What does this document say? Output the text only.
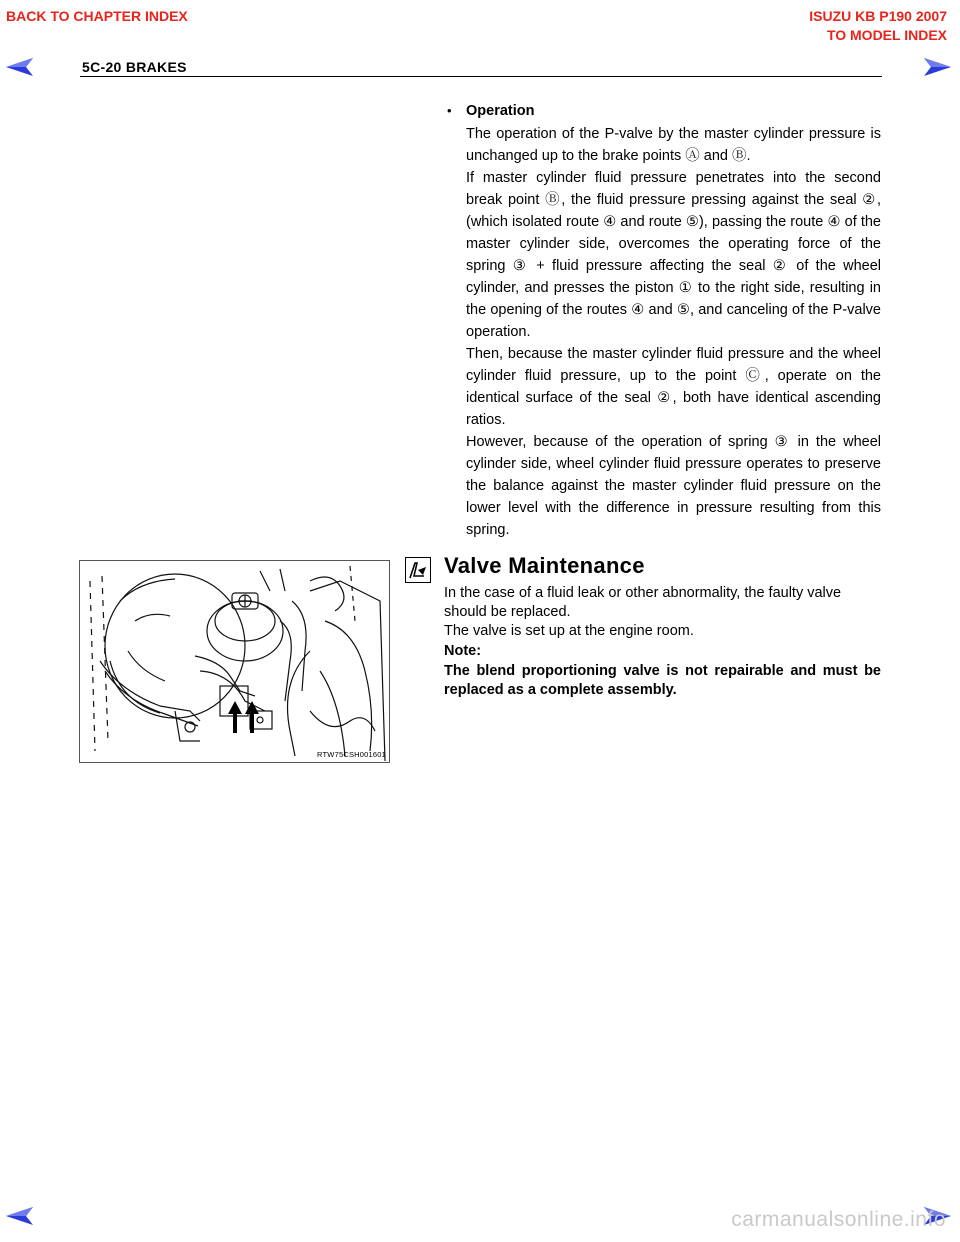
BACK TO CHAPTER INDEX	ISUZU KB P190 2007
TO MODEL INDEX
5C-20 BRAKES
• Operation
The operation of the P-valve by the master cylinder pressure is unchanged up to the brake points Ⓐ and Ⓑ.
If master cylinder fluid pressure penetrates into the second break point Ⓑ, the fluid pressure pressing against the seal ②, (which isolated route ④ and route ⑤), passing the route ④ of the master cylinder side, overcomes the operating force of the spring ③ + fluid pressure affecting the seal ② of the wheel cylinder, and presses the piston ① to the right side, resulting in the opening of the routes ④ and ⑤, and canceling of the P-valve operation.
Then, because the master cylinder fluid pressure and the wheel cylinder fluid pressure, up to the point Ⓒ, operate on the identical surface of the seal ②, both have identical ascending ratios.
However, because of the operation of spring ③ in the wheel cylinder side, wheel cylinder fluid pressure operates to preserve the balance against the master cylinder fluid pressure on the lower level with the difference in pressure resulting from this spring.
RTW75CSH001601
Valve Maintenance
In the case of a fluid leak or other abnormality, the faulty valve should be replaced.
The valve is set up at the engine room.
Note:
The blend proportioning valve is not repairable and must be replaced as a complete assembly.
carmanualsonline.info
